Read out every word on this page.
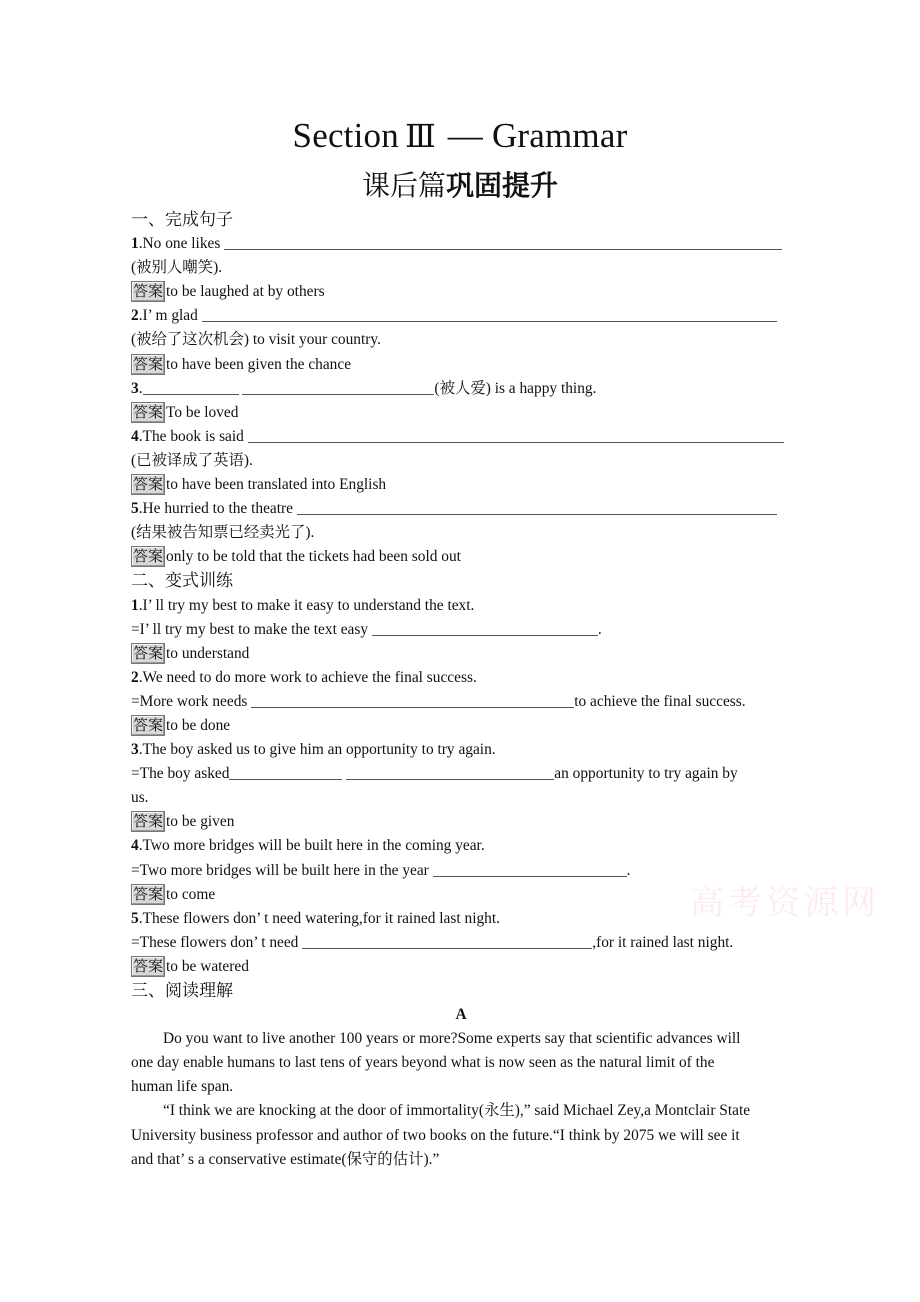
Section Ⅲ — Grammar
课后篇巩固提升
一、完成句子
1.No one likes
(被别人嘲笑).
答案 to be laughed at by others
2.I’ m glad
(被给了这次机会) to visit your country.
答案 to have been given the chance
3.	(被人爱) is a happy thing.
答案 To be loved
4.The book is said
(已被译成了英语).
答案 to have been translated into English
5.He hurried to the theatre
(结果被告知票已经卖光了).
答案 only to be told that the tickets had been sold out
二、变式训练
1.I’ ll try my best to make it easy to understand the text.
=I’ ll try my best to make the text easy	.
答案 to understand
2.We need to do more work to achieve the final success.
=More work needs	to achieve the final success.
答案 to be done
3.The boy asked us to give him an opportunity to try again.
=The boy asked	an opportunity to try again by
us.
答案 to be given
4.Two more bridges will be built here in the coming year.
=Two more bridges will be built here in the year	.
答案 to come
5.These flowers don’ t need watering,for it rained last night.
=These flowers don’ t need	,for it rained last night.
答案 to be watered
三、阅读理解
A
Do you want to live another 100 years or more?Some experts say that scientific advances will
one day enable humans to last tens of years beyond what is now seen as the natural limit of the
human life span.
“I think we are knocking at the door of immortality(永生),” said Michael Zey,a Montclair State
University business professor and author of two books on the future.“I think by 2075 we will see it
and that’ s a conservative estimate(保守的估计).”
高考资源网
